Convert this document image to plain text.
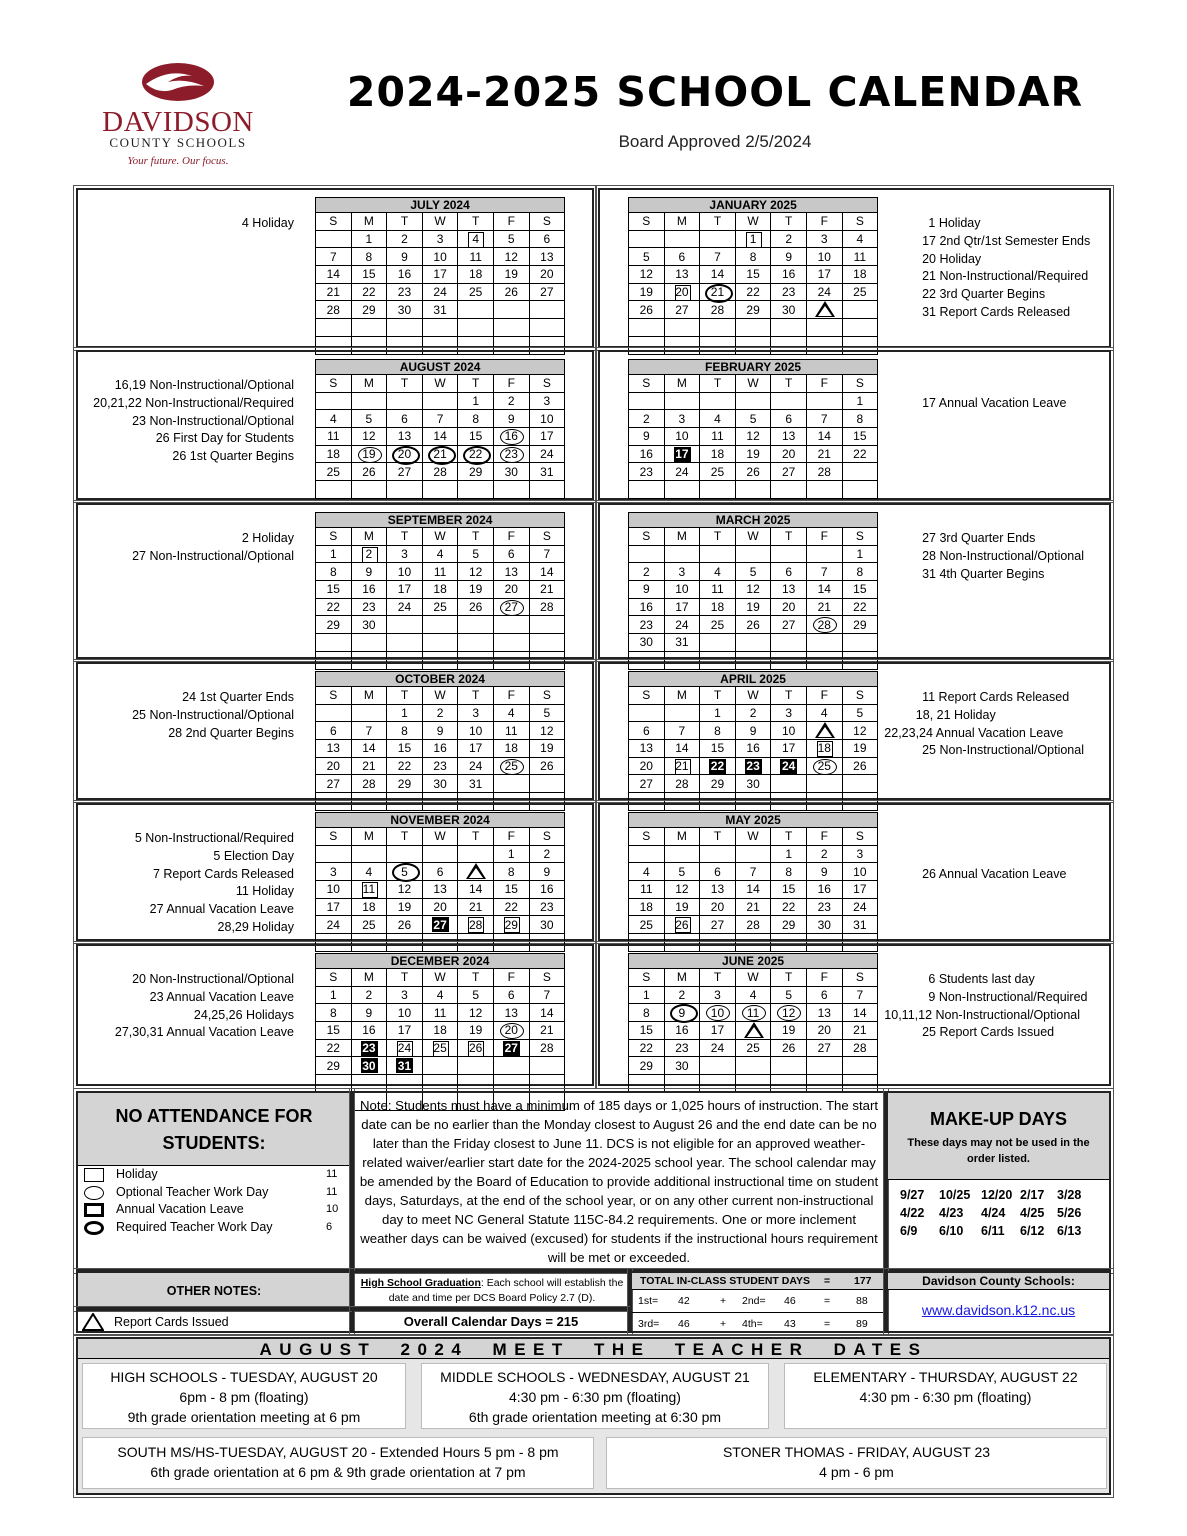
DAVIDSON
COUNTY SCHOOLS
Your future. Our focus.
2024-2025 SCHOOL CALENDAR
Board Approved 2/5/2024
JULY 2024						
S	M	T	W	T	F	S
	1	2	3	4	5	6
7	8	9	10	11	12	13
14	15	16	17	18	19	20
21	22	23	24	25	26	27
28	29	30	31			

JANUARY 2025						
S	M	T	W	T	F	S
			1	2	3	4
5	6	7	8	9	10	11
12	13	14	15	16	17	18
19	20	21	22	23	24	25
26	27	28	29	30		

AUGUST 2024						
S	M	T	W	T	F	S
				1	2	3
4	5	6	7	8	9	10
11	12	13	14	15	16	17
18	19	20	21	22	23	24
25	26	27	28	29	30	31

FEBRUARY 2025						
S	M	T	W	T	F	S
						1
2	3	4	5	6	7	8
9	10	11	12	13	14	15
16	17	18	19	20	21	22
23	24	25	26	27	28	

SEPTEMBER 2024						
S	M	T	W	T	F	S
1	2	3	4	5	6	7
8	9	10	11	12	13	14
15	16	17	18	19	20	21
22	23	24	25	26	27	28
29	30					

MARCH 2025						
S	M	T	W	T	F	S
						1
2	3	4	5	6	7	8
9	10	11	12	13	14	15
16	17	18	19	20	21	22
23	24	25	26	27	28	29
30	31					

OCTOBER 2024						
S	M	T	W	T	F	S
		1	2	3	4	5
6	7	8	9	10	11	12
13	14	15	16	17	18	19
20	21	22	23	24	25	26
27	28	29	30	31		

APRIL 2025						
S	M	T	W	T	F	S
		1	2	3	4	5
6	7	8	9	10		12
13	14	15	16	17	18	19
20	21	22	23	24	25	26
27	28	29	30			

NOVEMBER 2024						
S	M	T	W	T	F	S
					1	2
3	4	5	6		8	9
10	11	12	13	14	15	16
17	18	19	20	21	22	23
24	25	26	27	28	29	30

MAY 2025						
S	M	T	W	T	F	S
				1	2	3
4	5	6	7	8	9	10
11	12	13	14	15	16	17
18	19	20	21	22	23	24
25	26	27	28	29	30	31

DECEMBER 2024						
S	M	T	W	T	F	S
1	2	3	4	5	6	7
8	9	10	11	12	13	14
15	16	17	18	19	20	21
22	23	24	25	26	27	28
29	30	31				

JUNE 2025						
S	M	T	W	T	F	S
1	2	3	4	5	6	7
8	9	10	11	12	13	14
15	16	17		19	20	21
22	23	24	25	26	27	28
29	30					

4 Holiday
16,19 Non-Instructional/Optional
20,21,22 Non-Instructional/Required
23 Non-Instructional/Optional
26 First Day for Students
26 1st Quarter Begins
2 Holiday
27 Non-Instructional/Optional
24 1st Quarter Ends
25 Non-Instructional/Optional
28 2nd Quarter Begins
5 Non-Instructional/Required
5 Election Day
7 Report Cards Released
11 Holiday
27 Annual Vacation Leave
28,29 Holiday
20 Non-Instructional/Optional
23 Annual Vacation Leave
24,25,26 Holidays
27,30,31 Annual Vacation Leave
1 Holiday
17 2nd Qtr/1st Semester Ends
20 Holiday
21 Non-Instructional/Required
22 3rd Quarter Begins
31 Report Cards Released

17 Annual Vacation Leave
27 3rd Quarter Ends
28 Non-Instructional/Optional
31 4th Quarter Begins
11 Report Cards Released
18, 21 Holiday
22,23,24 Annual Vacation Leave
25 Non-Instructional/Optional

26 Annual Vacation Leave
6 Students last day
9 Non-Instructional/Required
10,11,12 Non-Instructional/Optional
25 Report Cards Issued
NO ATTENDANCE FOR
STUDENTS:
Holiday	11
Optional Teacher Work Day	11
Annual Vacation Leave	10
Required Teacher Work Day	6
Note: Students must have a minimum of 185 days or 1,025 hours of instruction. The start date can be no earlier than the Monday closest to August 26 and the end date can be no later than the Friday closest to June 11. DCS is not eligible for an approved weather-related waiver/earlier start date for the 2024-2025 school year. The school calendar may be amended by the Board of Education to provide additional instructional time on student days, Saturdays, at the end of the school year, or on any other current non-instructional day to meet NC General Statute 115C-84.2 requirements. One or more inclement weather days can be waived (excused) for students if the instructional hours requirement will be met or exceeded.
MAKE-UP DAYS
These days may not be used in the order listed.
9/27 10/25 12/20 2/17 3/28
4/22 4/23 4/24 4/25 5/26
6/9 6/10 6/11 6/12 6/13
OTHER NOTES:
Report Cards Issued
High School Graduation: Each school will establish the date and time per DCS Board Policy 2.7 (D).
Overall Calendar Days = 215
TOTAL IN-CLASS STUDENT DAYS = 177
1st= 42	+ 2nd= 46	= 88
3rd= 46	+ 4th= 43	= 89
Davidson County Schools:
www.davidson.k12.nc.us
AUGUST 2024 MEET THE TEACHER DATES
HIGH SCHOOLS - TUESDAY, AUGUST 20
6pm - 8 pm (floating)
9th grade orientation meeting at 6 pm
MIDDLE SCHOOLS - WEDNESDAY, AUGUST 21
4:30 pm - 6:30 pm (floating)
6th grade orientation meeting at 6:30 pm
ELEMENTARY - THURSDAY, AUGUST 22
4:30 pm - 6:30 pm (floating)
SOUTH MS/HS-TUESDAY, AUGUST 20 - Extended Hours 5 pm - 8 pm
6th grade orientation at 6 pm & 9th grade orientation at 7 pm
STONER THOMAS - FRIDAY, AUGUST 23
4 pm - 6 pm
